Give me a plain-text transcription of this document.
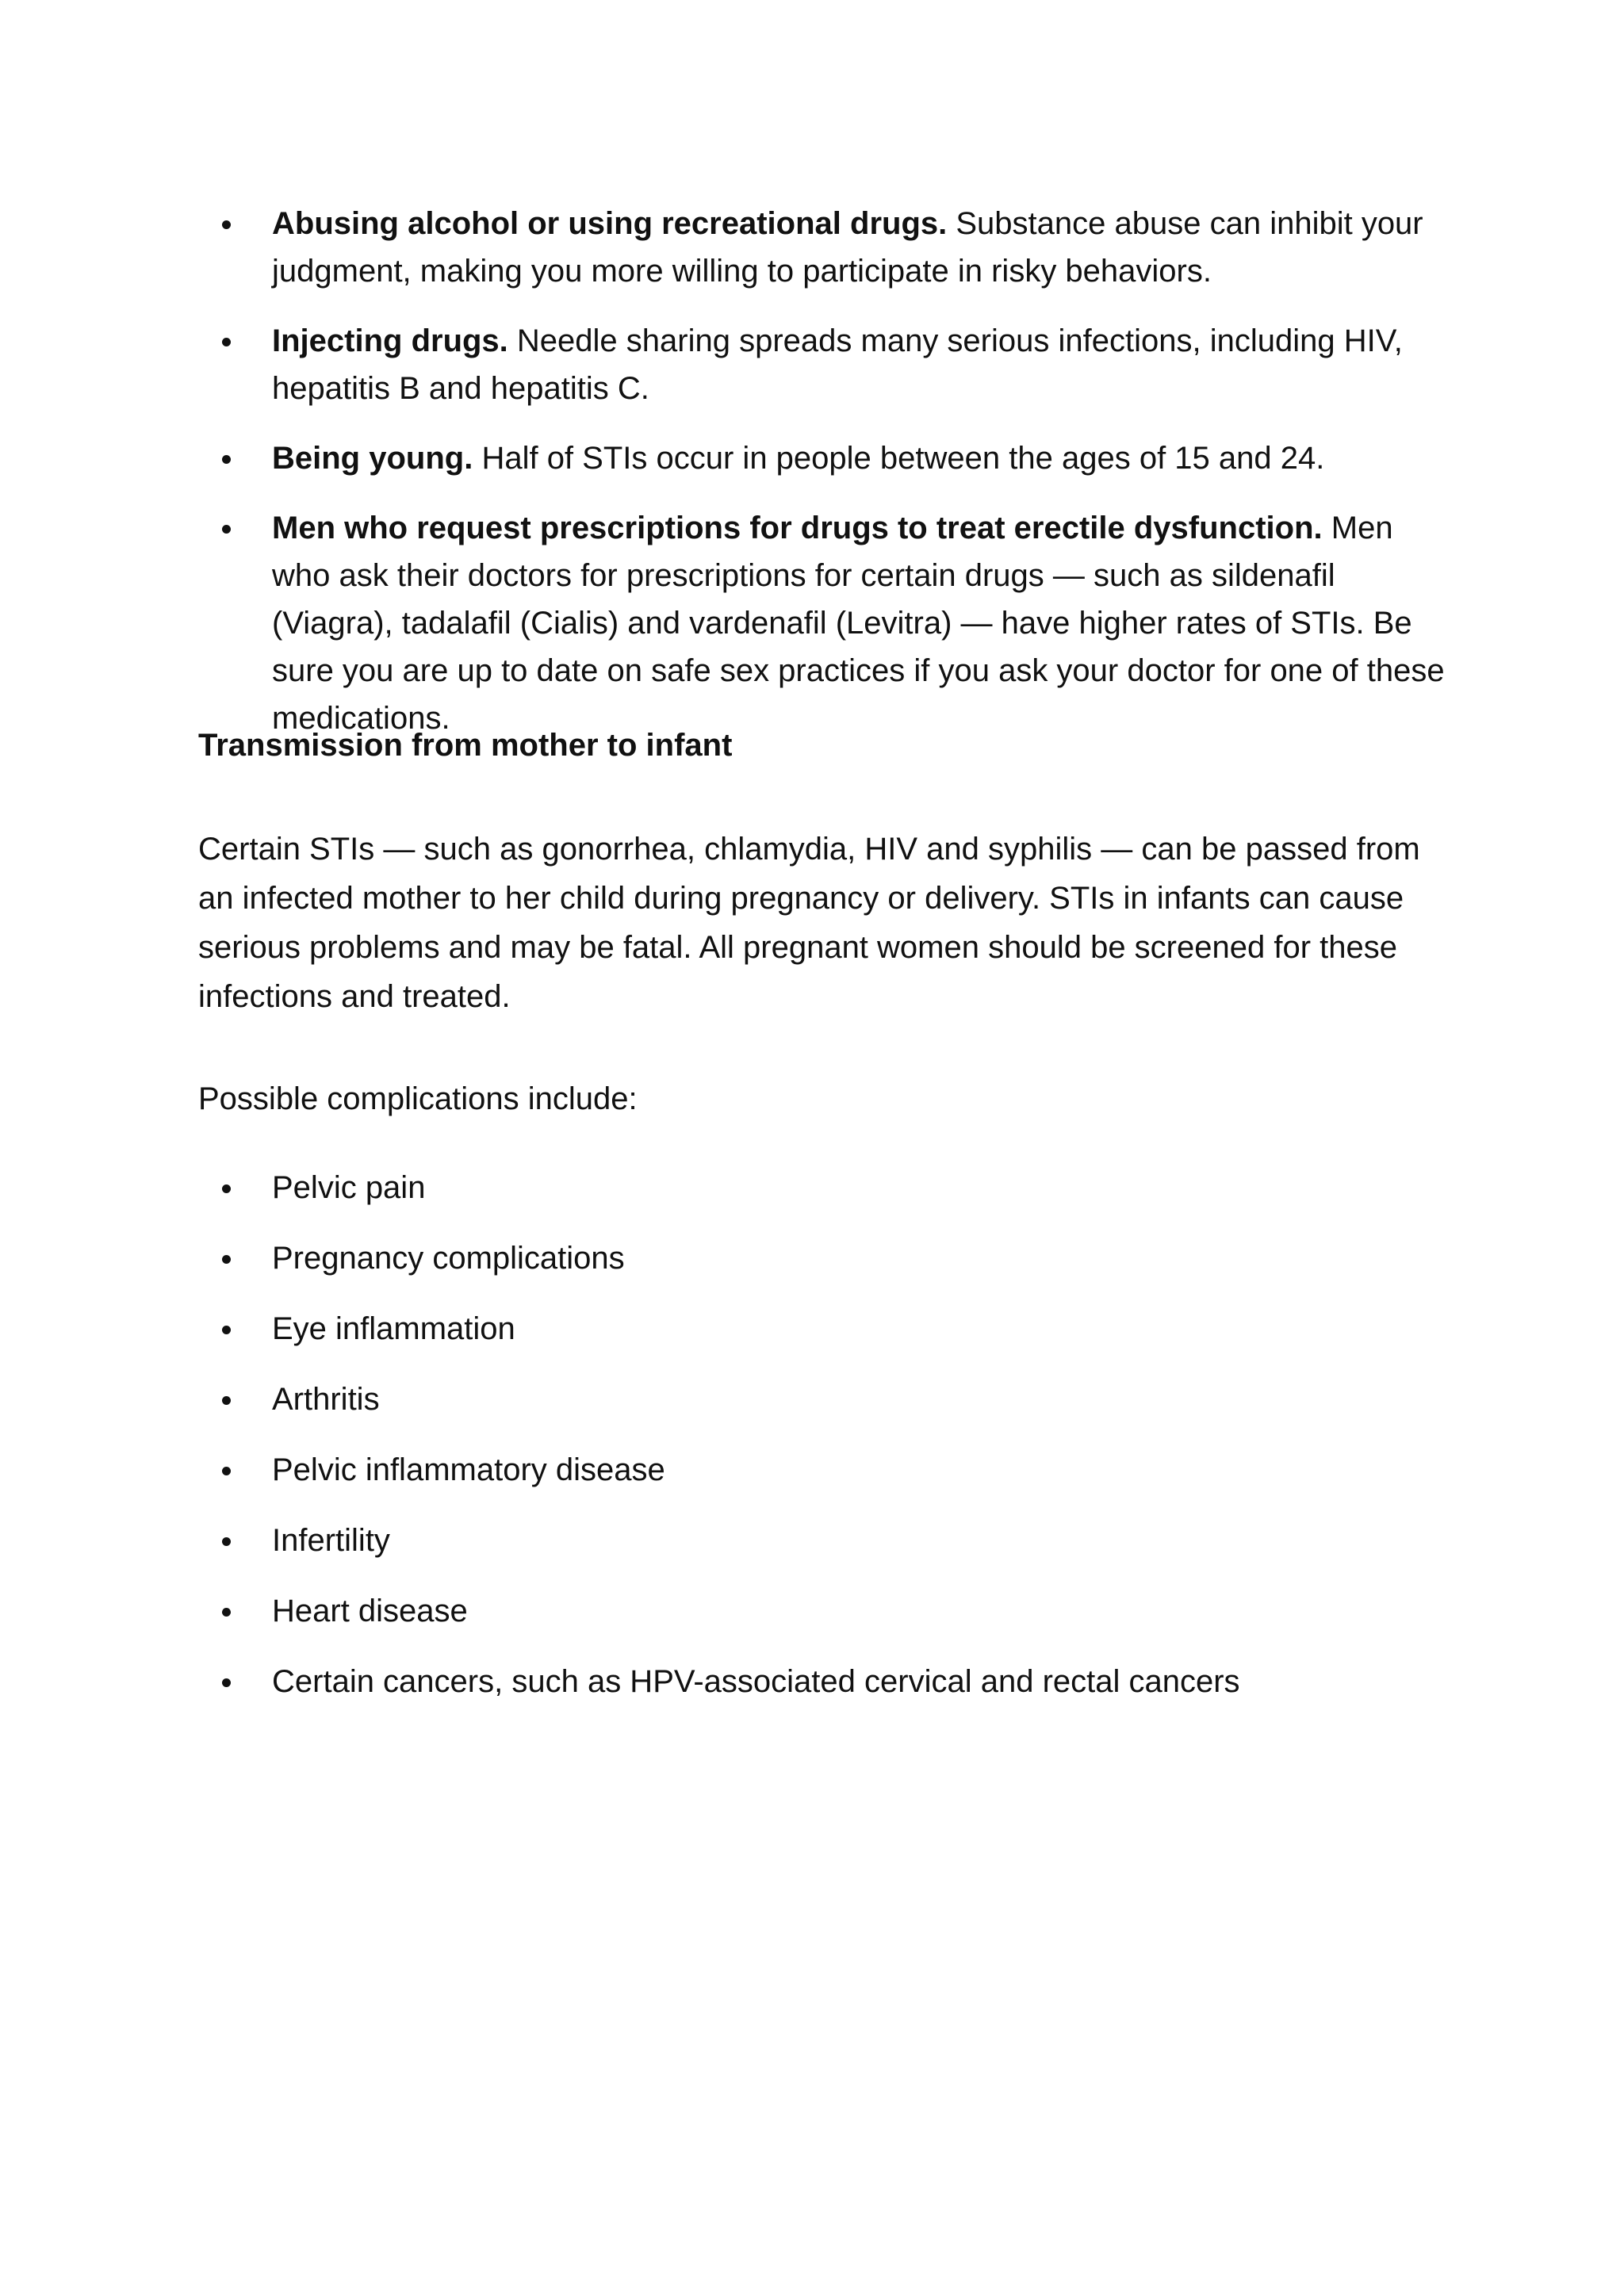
Abusing alcohol or using recreational drugs. Substance abuse can inhibit your judgment, making you more willing to participate in risky behaviors.
Injecting drugs. Needle sharing spreads many serious infections, including HIV, hepatitis B and hepatitis C.
Being young. Half of STIs occur in people between the ages of 15 and 24.
Men who request prescriptions for drugs to treat erectile dysfunction. Men who ask their doctors for prescriptions for certain drugs — such as sildenafil (Viagra), tadalafil (Cialis) and vardenafil (Levitra) — have higher rates of STIs. Be sure you are up to date on safe sex practices if you ask your doctor for one of these medications.
Transmission from mother to infant

Certain STIs — such as gonorrhea, chlamydia, HIV and syphilis — can be passed from an infected mother to her child during pregnancy or delivery. STIs in infants can cause serious problems and may be fatal. All pregnant women should be screened for these infections and treated.

Possible complications include:

Pelvic pain
Pregnancy complications
Eye inflammation
Arthritis
Pelvic inflammatory disease
Infertility
Heart disease
Certain cancers, such as HPV-associated cervical and rectal cancers
